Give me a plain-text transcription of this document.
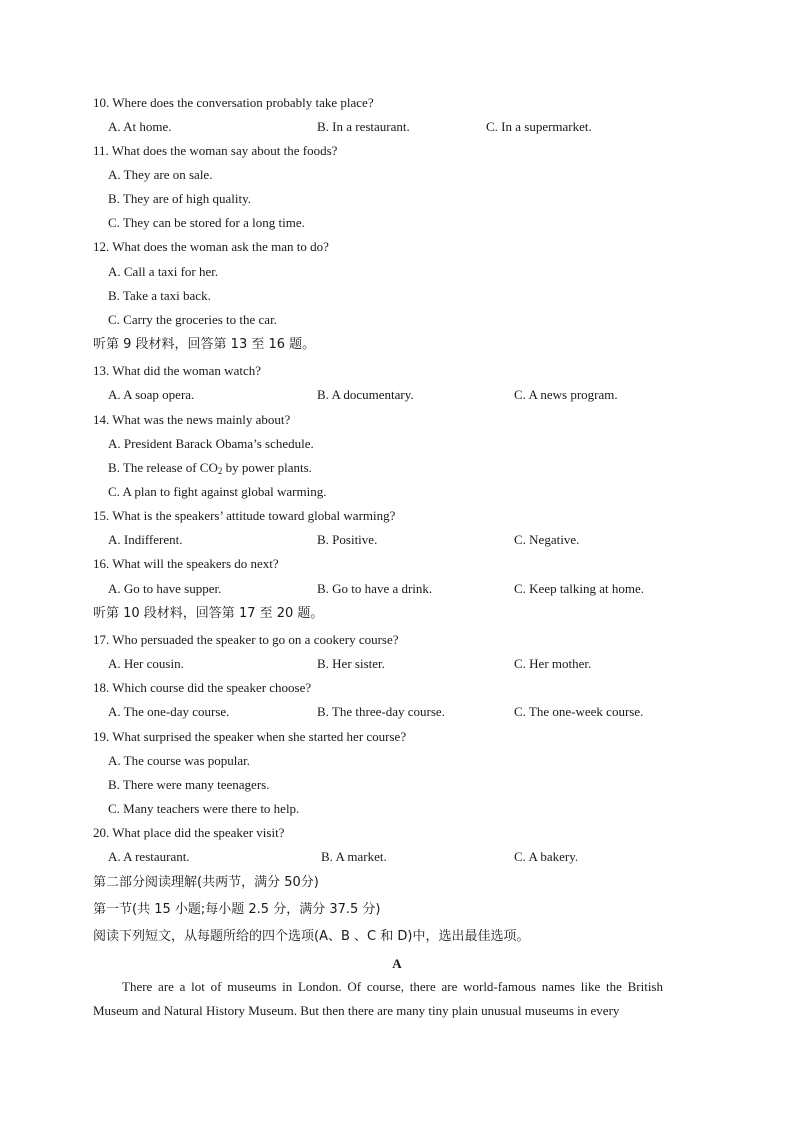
10. Where does the conversation probably take place?
A. At home.	B. In a restaurant.	C. In a supermarket.
11. What does the woman say about the foods?
A. They are on sale.
B. They are of high quality.
C. They can be stored for a long time.
12. What does the woman ask the man to do?
A. Call a taxi for her.
B. Take a taxi back.
C. Carry the groceries to the car.
听第 9 段材料，回答第 13 至 16 题。
13. What did the woman watch?
A. A soap opera.	B. A documentary.	C. A news program.
14. What was the news mainly about?
A. President Barack Obama’s schedule.
B. The release of $CO_2$ by power plants.
C. A plan to fight against global warming.
15. What is the speakers’ attitude toward global warming?
A. Indifferent.	B. Positive.	C. Negative.
16. What will the speakers do next?
A. Go to have supper.	B. Go to have a drink.	C. Keep talking at home.
听第 10 段材料，回答第 17 至 20 题。
17. Who persuaded the speaker to go on a cookery course?
A. Her cousin.	B. Her sister.	C. Her mother.
18. Which course did the speaker choose?
A. The one-day course.	B. The three-day course.	C. The one-week course.
19. What surprised the speaker when she started her course?
A. The course was popular.
B. There were many teenagers.
C. Many teachers were there to help.
20. What place did the speaker visit?
A. A restaurant.	B. A market.	C. A bakery.
第二部分阅读理解(共两节，满分 50分)
第一节(共 15 小题;每小题 2.5 分，满分 37.5 分)
阅读下列短文，从每题所给的四个选项(A、B 、C 和 D)中，选出最佳选项。
A
There are a lot of museums in London. Of course, there are world-famous names like the British Museum and Natural History Museum. But then there are many tiny plain unusual museums in every
